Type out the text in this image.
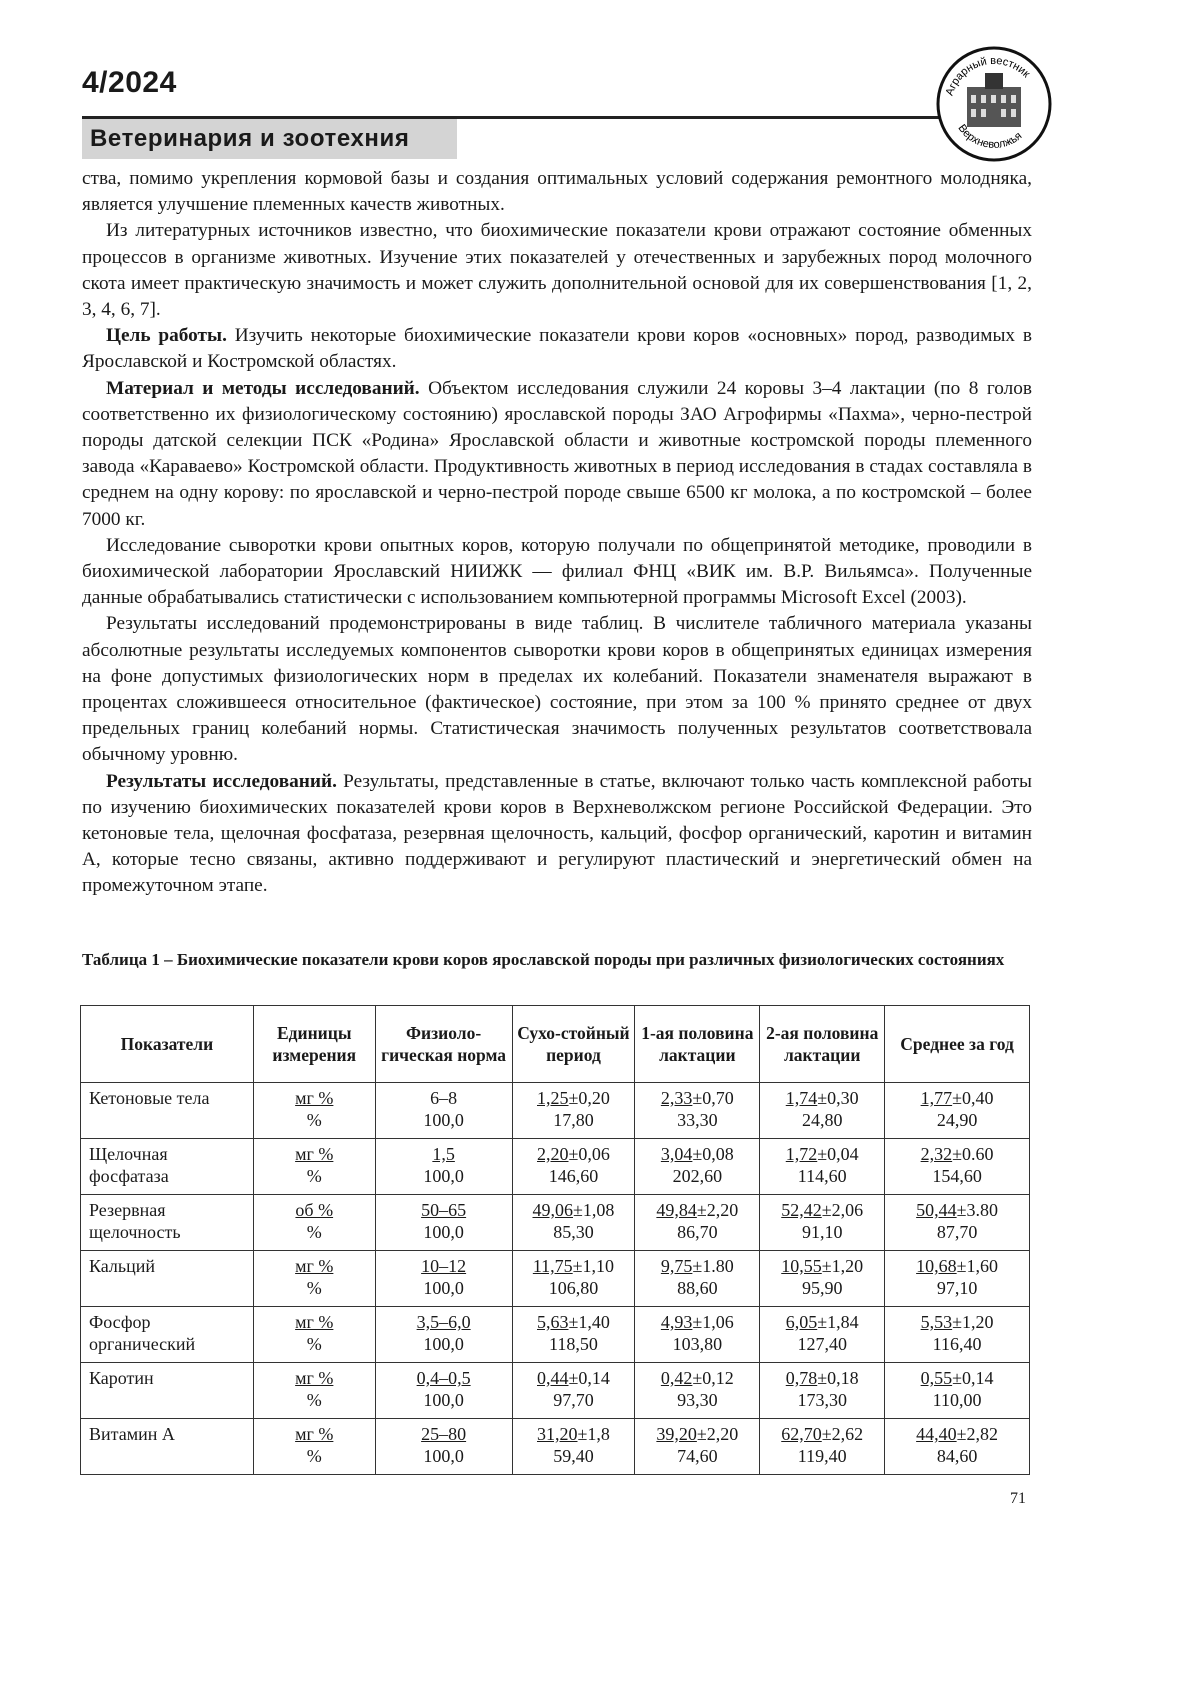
4/2024
Ветеринария и зоотехния
Аграрный вестник
Верхневолжья

ства, помимо укрепления кормовой базы и создания оптимальных условий содержания ремонтного молодняка, является улучшение племенных качеств животных.

Из литературных источников известно, что биохимические показатели крови отражают состояние обменных процессов в организме животных. Изучение этих показателей у отечественных и зарубежных пород молочного скота имеет практическую значимость и может служить дополнительной основой для их совершенствования [1, 2, 3, 4, 6, 7].

Цель работы. Изучить некоторые биохимические показатели крови коров «основных» пород, разводимых в Ярославской и Костромской областях.

Материал и методы исследований. Объектом исследования служили 24 коровы 3–4 лактации (по 8 голов соответственно их физиологическому состоянию) ярославской породы ЗАО Агрофирмы «Пахма», черно-пестрой породы датской селекции ПСК «Родина» Ярославской области и животные костромской породы племенного завода «Караваево» Костромской области. Продуктивность животных в период исследования в стадах составляла в среднем на одну корову: по ярославской и черно-пестрой породе свыше 6500 кг молока, а по костромской – более 7000 кг.

Исследование сыворотки крови опытных коров, которую получали по общепринятой методике, проводили в биохимической лаборатории Ярославский НИИЖК — филиал ФНЦ «ВИК им. В.Р. Вильямса». Полученные данные обрабатывались статистически с использованием компьютерной программы Microsoft Excel (2003).

Результаты исследований продемонстрированы в виде таблиц. В числителе табличного материала указаны абсолютные результаты исследуемых компонентов сыворотки крови коров в общепринятых единицах измерения на фоне допустимых физиологических норм в пределах их колебаний. Показатели знаменателя выражают в процентах сложившееся относительное (фактическое) состояние, при этом за 100 % принято среднее от двух предельных границ колебаний нормы. Статистическая значимость полученных результатов соответствовала обычному уровню.

Результаты исследований. Результаты, представленные в статье, включают только часть комплексной работы по изучению биохимических показателей крови коров в Верхневолжском регионе Российской Федерации. Это кетоновые тела, щелочная фосфатаза, резервная щелочность, кальций, фосфор органический, каротин и витамин А, которые тесно связаны, активно поддерживают и регулируют пластический и энергетический обмен на промежуточном этапе.

Таблица 1 – Биохимические показатели крови коров ярославской породы при различных физиологических состояниях
Показатели	Единицы измерения	Физиоло-гическая норма	Сухо-стойный период	1-ая половина лактации	2-ая половина лактации	Среднее за год
Кетоновые тела	мг %
%	6–8
100,0	1,25±0,20
17,80	2,33±0,70
33,30	1,74±0,30
24,80	1,77±0,40
24,90
Щелочная фосфатаза	мг %
%	1,5
100,0	2,20±0,06
146,60	3,04±0,08
202,60	1,72±0,04
114,60	2,32±0.60
154,60
Резервная щелочность	об %
%	50–65
100,0	49,06±1,08
85,30	49,84±2,20
86,70	52,42±2,06
91,10	50,44±3.80
87,70
Кальций	мг %
%	10–12
100,0	11,75±1,10
106,80	9,75±1.80
88,60	10,55±1,20
95,90	10,68±1,60
97,10
Фосфор органический	мг %
%	3,5–6,0
100,0	5,63±1,40
118,50	4,93±1,06
103,80	6,05±1,84
127,40	5,53±1,20
116,40
Каротин	мг %
%	0,4–0,5
100,0	0,44±0,14
97,70	0,42±0,12
93,30	0,78±0,18
173,30	0,55±0,14
110,00
Витамин А	мг %
%	25–80
100,0	31,20±1,8
59,40	39,20±2,20
74,60	62,70±2,62
119,40	44,40±2,82
84,60
71
